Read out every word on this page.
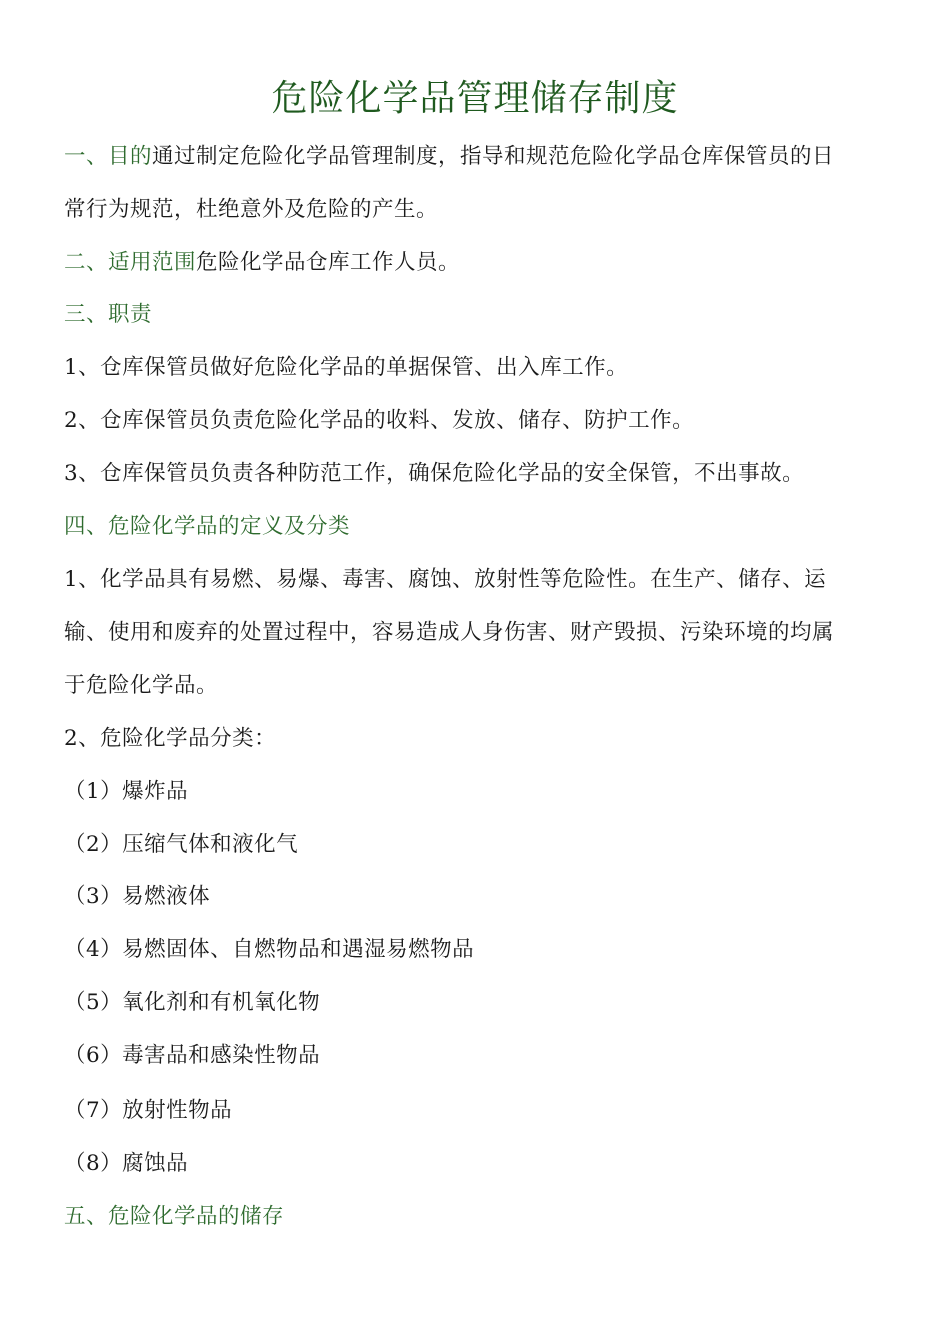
危险化学品管理储存制度
一、目的通过制定危险化学品管理制度，指导和规范危险化学品仓库保管员的日
常行为规范，杜绝意外及危险的产生。
二、适用范围危险化学品仓库工作人员。
三、职责
1、仓库保管员做好危险化学品的单据保管、出入库工作。
2、仓库保管员负责危险化学品的收料、发放、储存、防护工作。
3、仓库保管员负责各种防范工作，确保危险化学品的安全保管，不出事故。
四、危险化学品的定义及分类
1、化学品具有易燃、易爆、毒害、腐蚀、放射性等危险性。在生产、储存、运
输、使用和废弃的处置过程中，容易造成人身伤害、财产毁损、污染环境的均属
于危险化学品。
2、危险化学品分类：
（1）爆炸品
（2）压缩气体和液化气
（3）易燃液体
（4）易燃固体、自燃物品和遇湿易燃物品
（5）氧化剂和有机氧化物
（6）毒害品和感染性物品
（7）放射性物品
（8）腐蚀品
五、危险化学品的储存
